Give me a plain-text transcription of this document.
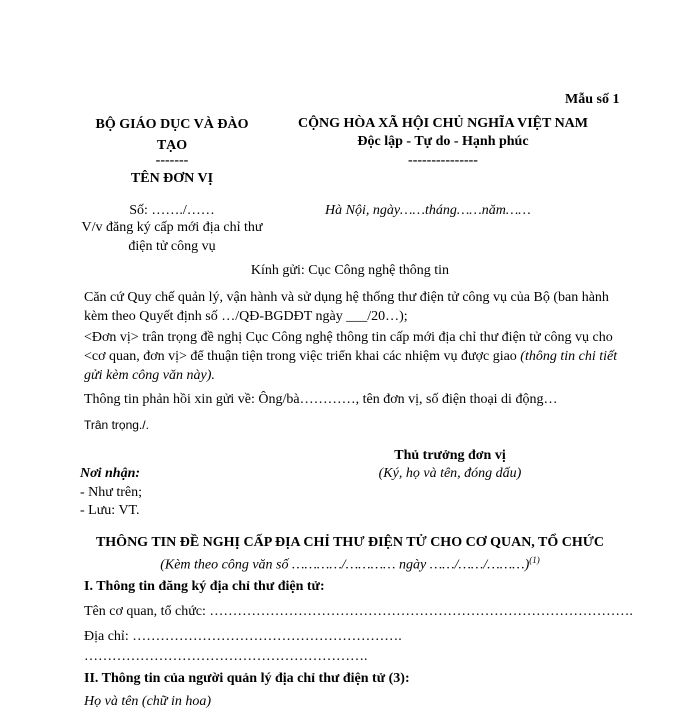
Mẫu số 1
BỘ GIÁO DỤC VÀ ĐÀO TẠO
-------
TÊN ĐƠN VỊ
Số: ……./……
V/v đăng ký cấp mới địa chỉ thư điện tử công vụ
CỘNG HÒA XÃ HỘI CHỦ NGHĨA VIỆT NAM
Độc lập - Tự do - Hạnh phúc
---------------
Hà Nội, ngày……tháng……năm……
Kính gửi: Cục Công nghệ thông tin
Căn cứ Quy chế quản lý, vận hành và sử dụng hệ thống thư điện tử công vụ của Bộ (ban hành kèm theo Quyết định số …/QĐ-BGDĐT ngày ___/20…);
<Đơn vị> trân trọng đề nghị Cục Công nghệ thông tin cấp mới địa chỉ thư điện tử công vụ cho <cơ quan, đơn vị> để thuận tiện trong việc triển khai các nhiệm vụ được giao (thông tin chi tiết gửi kèm công văn này).
Thông tin phản hồi xin gửi về: Ông/bà…………, tên đơn vị, số điện thoại di động…
Trân trọng./.
Thủ trưởng đơn vị
(Ký, họ và tên, đóng dấu)
Nơi nhận:
- Như trên;
- Lưu: VT.
THÔNG TIN ĐỀ NGHỊ CẤP ĐỊA CHỈ THƯ ĐIỆN TỬ CHO CƠ QUAN, TỔ CHỨC
(Kèm theo công văn số …………/………… ngày ……/……/………)$^{(1)}$
I. Thông tin đăng ký địa chỉ thư điện tử:
Tên cơ quan, tổ chức: ……………………………………………………………………………….
Địa chỉ: ………………………………………………….
…………………………………………………….
II. Thông tin của người quản lý địa chỉ thư điện tử (3):
Họ và tên (chữ in hoa)
